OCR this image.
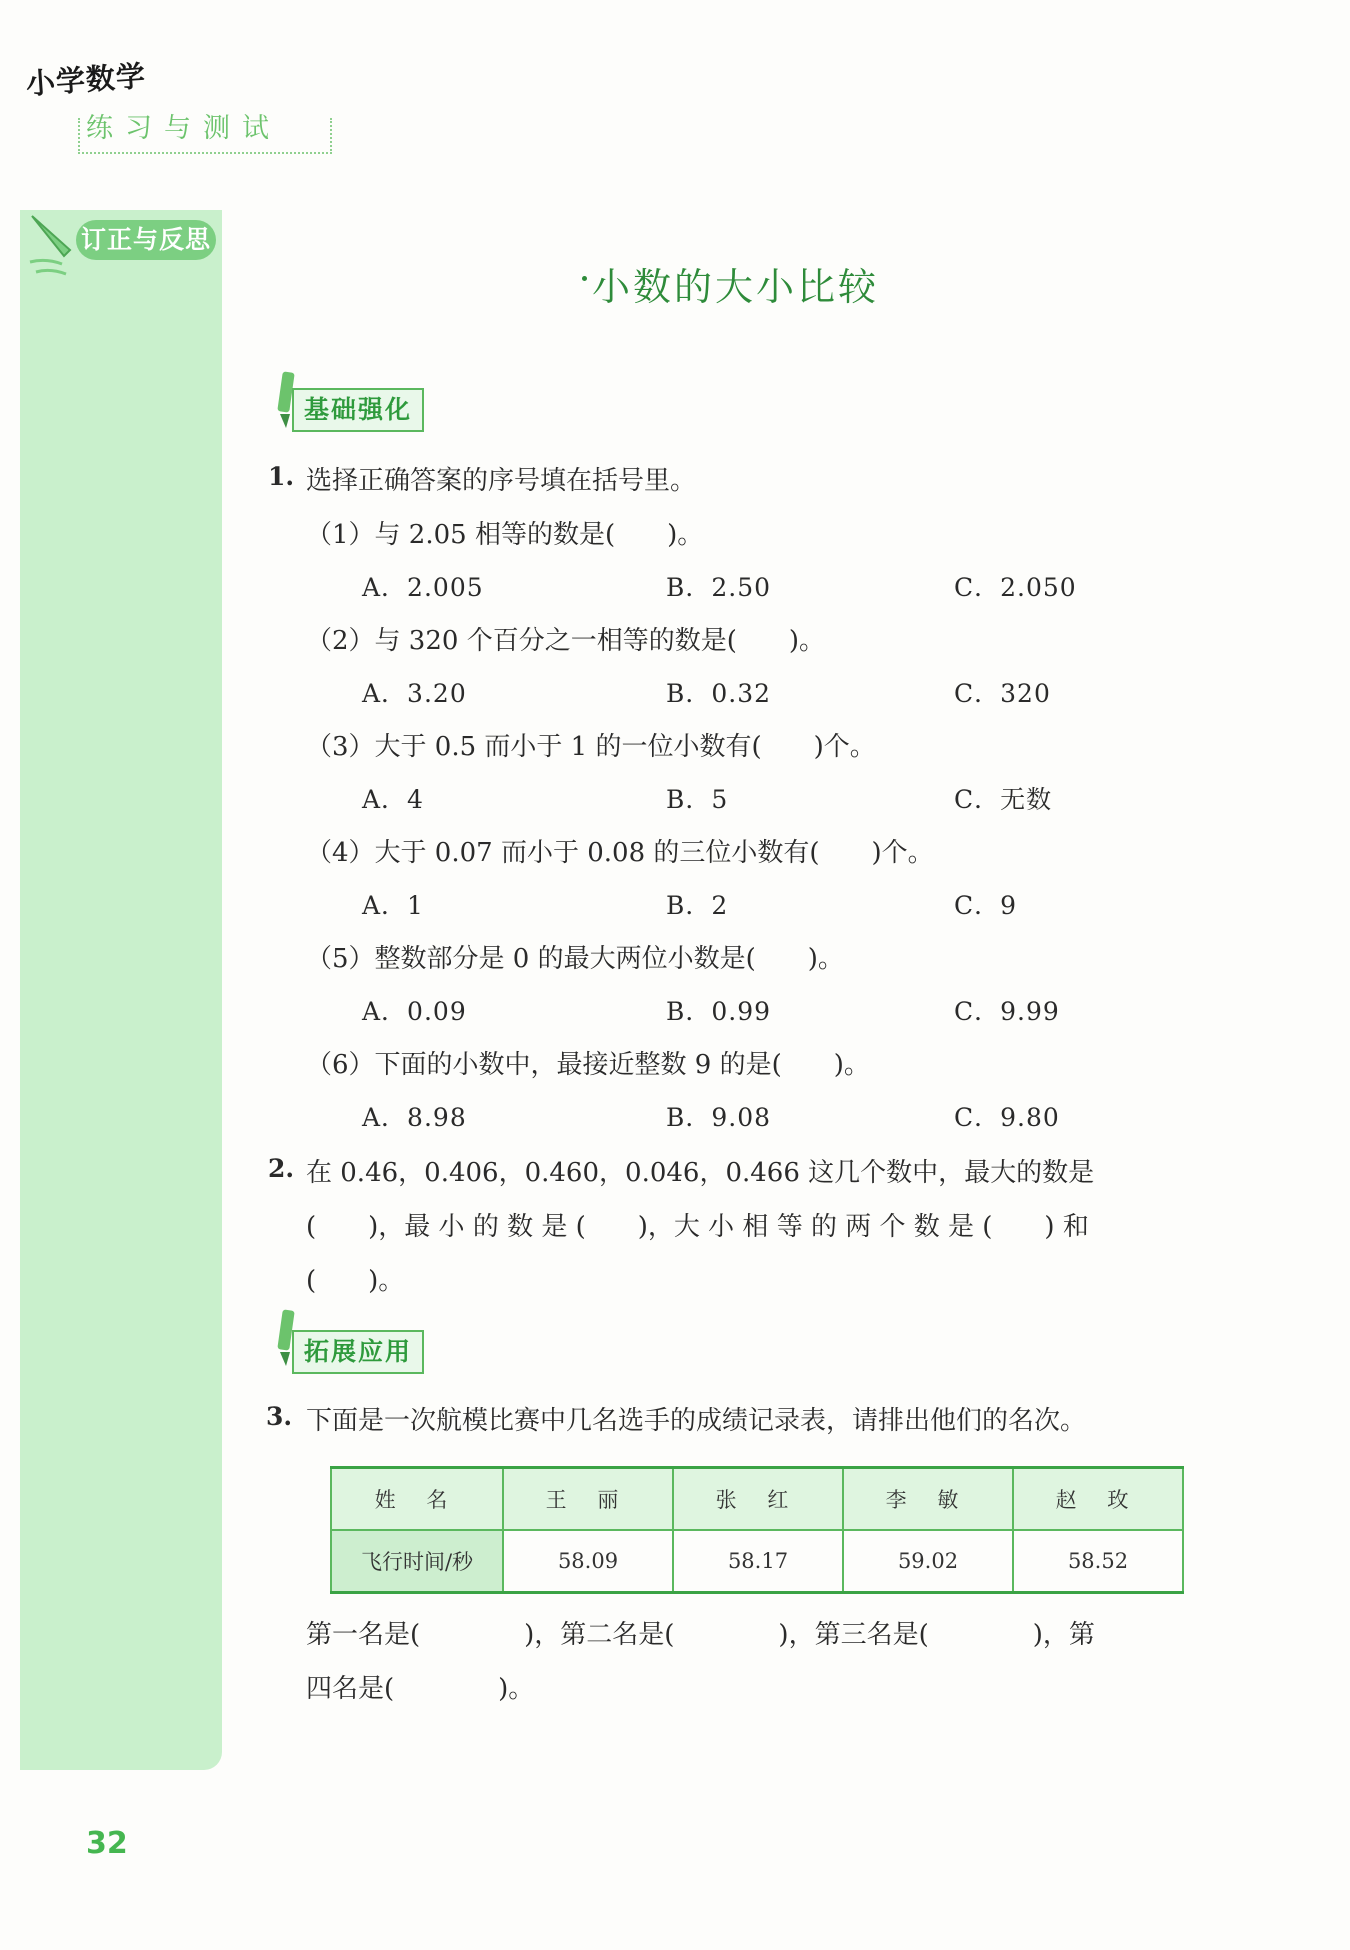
小学数学
练习与测试
订正与反思
小数的大小比较
基础强化
1. 选择正确答案的序号填在括号里。
（1）与 2.05 相等的数是(　　)。
A．2.005	B．2.50	C．2.050
（2）与 320 个百分之一相等的数是(　　)。
A．3.20	B．0.32	C．320
（3）大于 0.5 而小于 1 的一位小数有(　　)个。
A．4	B．5	C．无数
（4）大于 0.07 而小于 0.08 的三位小数有(　　)个。
A．1	B．2	C．9
（5）整数部分是 0 的最大两位小数是(　　)。
A．0.09	B．0.99	C．9.99
（6）下面的小数中，最接近整数 9 的是(　　)。
A．8.98	B．9.08	C．9.80
2. 在 0.46，0.406，0.460，0.046，0.466 这几个数中，最大的数是
(　　)，最 小 的 数 是 (　　)，大 小 相 等 的 两 个 数 是 (　　) 和
(　　)。
拓展应用
3. 下面是一次航模比赛中几名选手的成绩记录表，请排出他们的名次。
姓 名	王 丽	张 红	李 敏	赵 玫
飞行时间/秒	58.09	58.17	59.02	58.52
第一名是(　　　　)，第二名是(　　　　)，第三名是(　　　　)，第
四名是(　　　　)。
32
